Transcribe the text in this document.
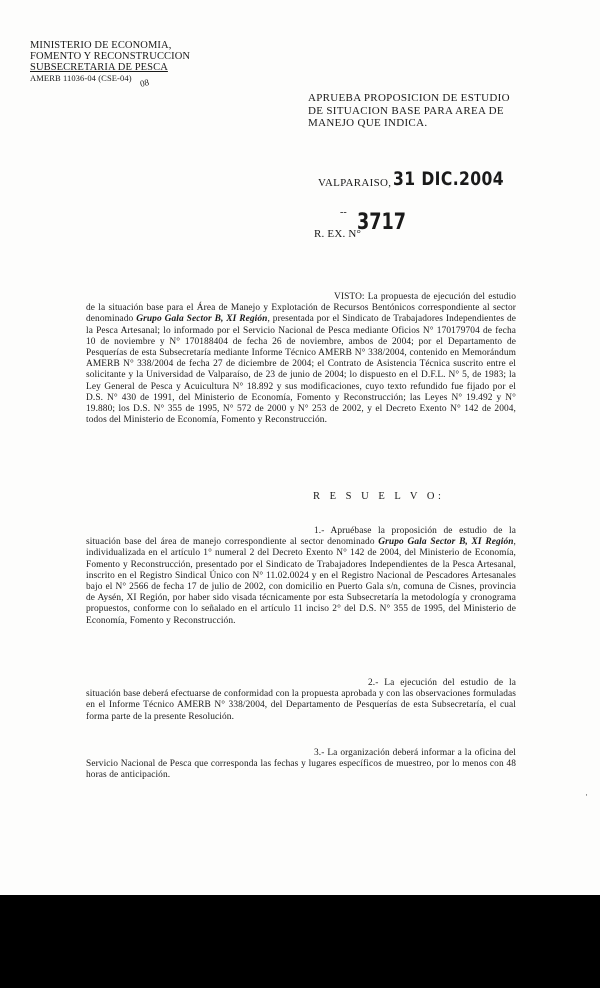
MINISTERIO DE ECONOMIA,
FOMENTO Y RECONSTRUCCION
SUBSECRETARIA DE PESCA
AMERB 11036-04 (CSE-04) 08
APRUEBA PROPOSICION DE ESTUDIO
DE SITUACION BASE PARA AREA DE
MANEJO QUE INDICA.
VALPARAISO, 31 DIC.2004
--
R. EX. N°
3717
VISTO: La propuesta de ejecución del estudio de la situación base para el Área de Manejo y Explotación de Recursos Bentónicos correspondiente al sector denominado Grupo Gala Sector B, XI Región, presentada por el Sindicato de Trabajadores Independientes de la Pesca Artesanal; lo informado por el Servicio Nacional de Pesca mediante Oficios N° 170179704 de fecha 10 de noviembre y N° 170188404 de fecha 26 de noviembre, ambos de 2004; por el Departamento de Pesquerías de esta Subsecretaría mediante Informe Técnico AMERB N° 338/2004, contenido en Memorándum AMERB N° 338/2004 de fecha 27 de diciembre de 2004; el Contrato de Asistencia Técnica suscrito entre el solicitante y la Universidad de Valparaíso, de 23 de junio de 2004; lo dispuesto en el D.F.L. N° 5, de 1983; la Ley General de Pesca y Acuicultura N° 18.892 y sus modificaciones, cuyo texto refundido fue fijado por el D.S. N° 430 de 1991, del Ministerio de Economía, Fomento y Reconstrucción; las Leyes N° 19.492 y N° 19.880; los D.S. N° 355 de 1995, N° 572 de 2000 y N° 253 de 2002, y el Decreto Exento N° 142 de 2004, todos del Ministerio de Economía, Fomento y Reconstrucción.
R E S U E L V O:
1.- Apruébase la proposición de estudio de la situación base del área de manejo correspondiente al sector denominado Grupo Gala Sector B, XI Región, individualizada en el artículo 1° numeral 2 del Decreto Exento N° 142 de 2004, del Ministerio de Economía, Fomento y Reconstrucción, presentado por el Sindicato de Trabajadores Independientes de la Pesca Artesanal, inscrito en el Registro Sindical Único con N° 11.02.0024 y en el Registro Nacional de Pescadores Artesanales bajo el N° 2566 de fecha 17 de julio de 2002, con domicilio en Puerto Gala s/n, comuna de Cisnes, provincia de Aysén, XI Región, por haber sido visada técnicamente por esta Subsecretaría la metodología y cronograma propuestos, conforme con lo señalado en el artículo 11 inciso 2° del D.S. N° 355 de 1995, del Ministerio de Economía, Fomento y Reconstrucción.
2.- La ejecución del estudio de la situación base deberá efectuarse de conformidad con la propuesta aprobada y con las observaciones formuladas en el Informe Técnico AMERB N° 338/2004, del Departamento de Pesquerías de esta Subsecretaría, el cual forma parte de la presente Resolución.
3.- La organización deberá informar a la oficina del Servicio Nacional de Pesca que corresponda las fechas y lugares específicos de muestreo, por lo menos con 48 horas de anticipación.
·
